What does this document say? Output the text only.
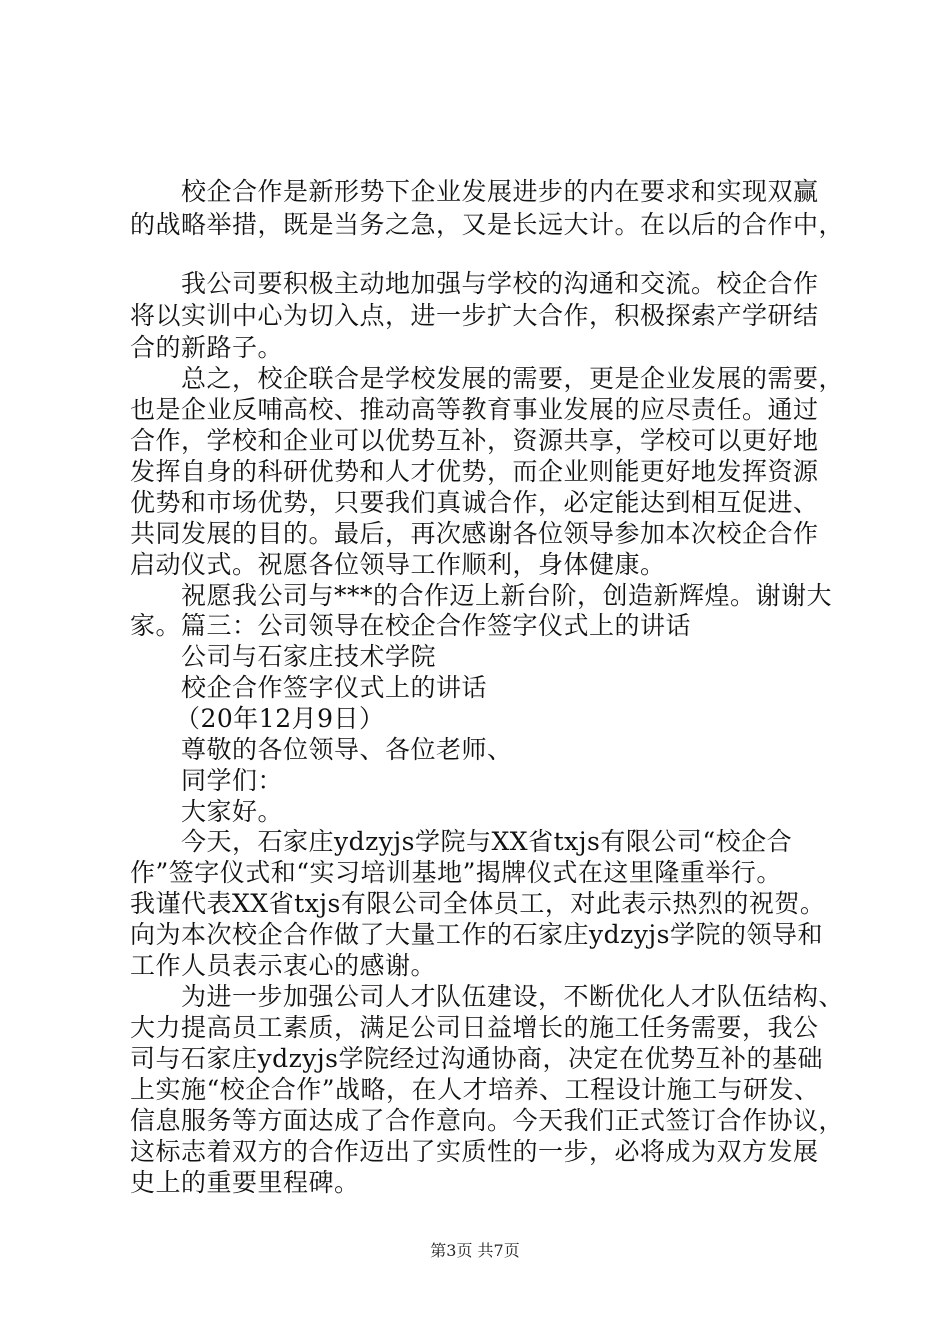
校企合作是新形势下企业发展进步的内在要求和实现双赢
的战略举措，既是当务之急，又是长远大计。在以后的合作中，
我公司要积极主动地加强与学校的沟通和交流。校企合作
将以实训中心为切入点，进一步扩大合作，积极探索产学研结
合的新路子。
总之，校企联合是学校发展的需要，更是企业发展的需要，
也是企业反哺高校、推动高等教育事业发展的应尽责任。通过
合作，学校和企业可以优势互补，资源共享，学校可以更好地
发挥自身的科研优势和人才优势，而企业则能更好地发挥资源
优势和市场优势，只要我们真诚合作，必定能达到相互促进、
共同发展的目的。最后，再次感谢各位领导参加本次校企合作
启动仪式。祝愿各位领导工作顺利，身体健康。
祝愿我公司与***的合作迈上新台阶，创造新辉煌。谢谢大
家。篇三：公司领导在校企合作签字仪式上的讲话
公司与石家庄技术学院
校企合作签字仪式上的讲话
（20年12月9日）
尊敬的各位领导、各位老师、
同学们：
大家好。
今天，石家庄ydzyjs学院与XX省txjs有限公司“校企合
作”签字仪式和“实习培训基地”揭牌仪式在这里隆重举行。
我谨代表XX省txjs有限公司全体员工，对此表示热烈的祝贺。
向为本次校企合作做了大量工作的石家庄ydzyjs学院的领导和
工作人员表示衷心的感谢。
为进一步加强公司人才队伍建设，不断优化人才队伍结构、
大力提高员工素质，满足公司日益增长的施工任务需要，我公
司与石家庄ydzyjs学院经过沟通协商，决定在优势互补的基础
上实施“校企合作”战略，在人才培养、工程设计施工与研发、
信息服务等方面达成了合作意向。今天我们正式签订合作协议，
这标志着双方的合作迈出了实质性的一步，必将成为双方发展
史上的重要里程碑。
第3页 共7页
